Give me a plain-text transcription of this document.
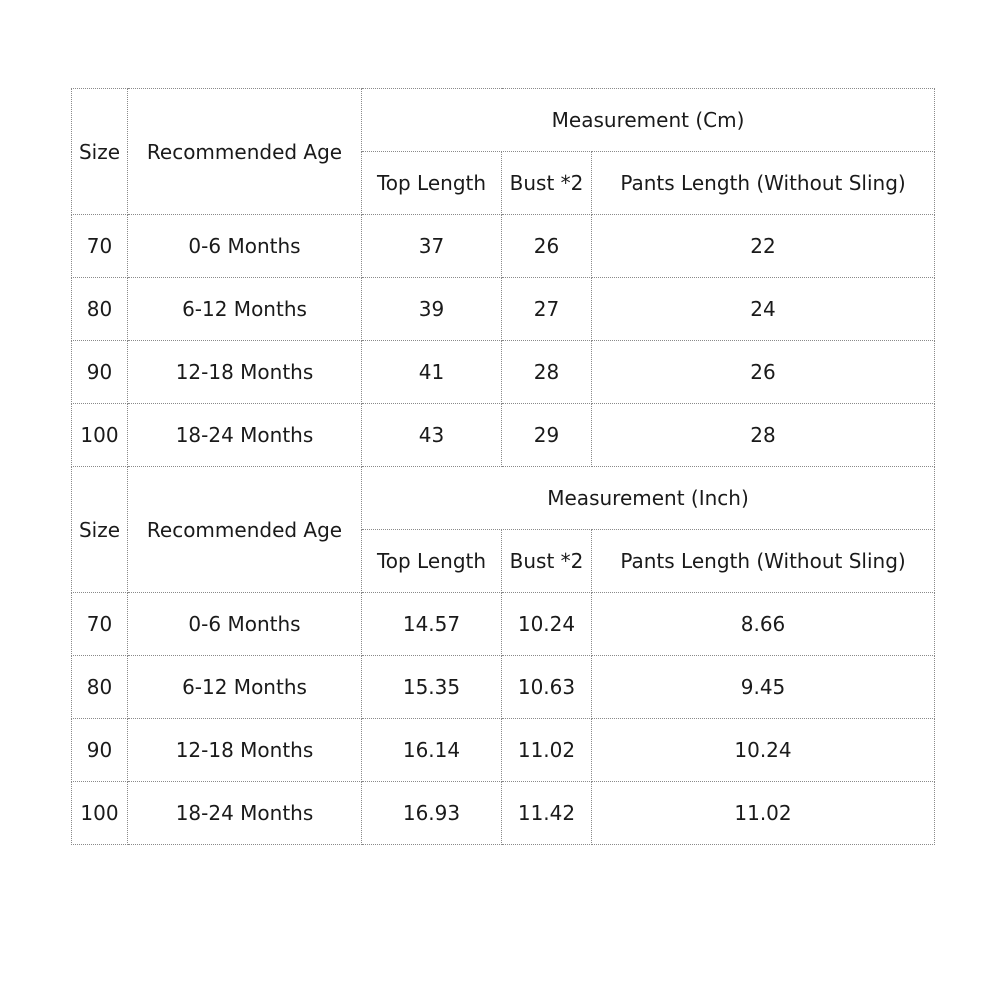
Size	Recommended Age	Measurement (Cm)		
		Top Length	Bust *2	Pants Length (Without Sling)
70	0-6 Months	37	26	22
80	6-12 Months	39	27	24
90	12-18 Months	41	28	26
100	18-24 Months	43	29	28
Size	Recommended Age	Measurement (Inch)		
		Top Length	Bust *2	Pants Length (Without Sling)
70	0-6 Months	14.57	10.24	8.66
80	6-12 Months	15.35	10.63	9.45
90	12-18 Months	16.14	11.02	10.24
100	18-24 Months	16.93	11.42	11.02
